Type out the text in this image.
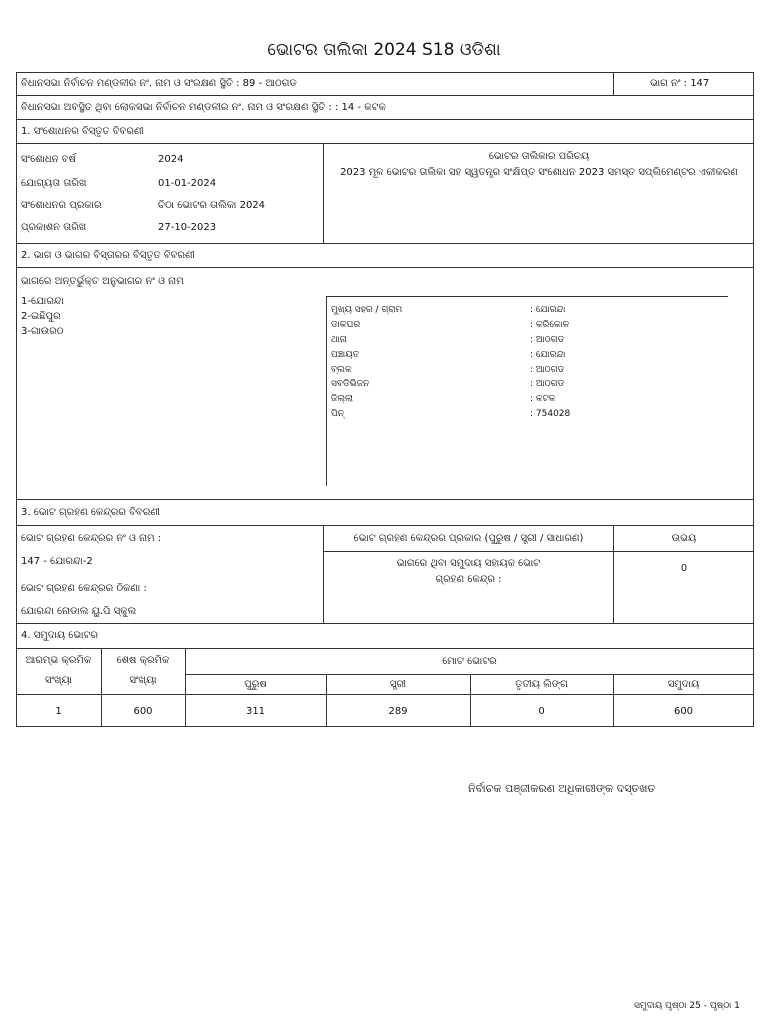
ଭୋଟର ତାଲିକା 2024 S18 ଓଡିଶା
ବିଧାନସଭା ନିର୍ବାଚନ ମଣ୍ଡଳୀର ନଂ. ନାମ ଓ ସଂରକ୍ଷଣ ସ୍ଥିତି : 89 - ଆଠଗଡ	ଭାଗ ନଂ : 147
ବିଧାନସଭା ଅବସ୍ଥିତ ଥିବା ଲୋକସଭା ନିର୍ବାଚନ ମଣ୍ଡଳୀର ନଂ. ନାମ ଓ ସଂରକ୍ଷଣ ସ୍ଥିତି : : 14 - କଟକ
1. ସଂଶୋଧନର ବିସ୍ତୃତ ବିବରଣୀ
ସଂଶୋଧନ ବର୍ଷ	2024
ଯୋଗ୍ୟତା ତାରିଖ	01-01-2024
ସଂଶୋଧନର ପ୍ରକାର	ଚିଠା ଭୋଟର ତାଲିକା 2024
ପ୍ରକାଶନ ତାରିଖ	27-10-2023
ଭୋଟର ତାଲିକାର ପରିଚୟ
2023 ମୂଳ ଭୋଟର ତାଲିକା ସହ ସ୍ୱତନ୍ତ୍ର ସଂକ୍ଷିପ୍ତ ସଂଶୋଧନ 2023 ସମସ୍ତ ସପ୍ଲିମେଣ୍ଟର ଏକୀକରଣ
2. ଭାଗ ଓ ଭାଗର ବିସ୍ତାରର ବିସ୍ତୃତ ବିବରଣୀ
ଭାଗରେ ଅନ୍ତର୍ଭୁକ୍ତ ଅନୁଭାଗର ନଂ ଓ ନାମ
1-ଯୋରନ୍ଦା
2-ଇଛିପୁର
3-ଗାଉରଠ
ମୁଖ୍ୟ ସହର / ଗ୍ରାମ	: ଯୋରନ୍ଦା
ଡାକଘର	: କରିକୋଳ
ଥାନା	: ଆଠଗଡ
ପଞ୍ଚାୟତ	: ଯୋରନ୍ଦା
ବ୍ଲକ	: ଆଠଗଡ
ସବଡିଭିଜନ	: ଆଠଗଡ
ଜିଲ୍ଲା	: କଟକ
ପିନ୍	: 754028
3. ଭୋଟ ଗ୍ରହଣ କେନ୍ଦ୍ରର ବିବରଣୀ
ଭୋଟ ଗ୍ରହଣ କେନ୍ଦ୍ରର ନଂ ଓ ନାମ :
147 - ଯୋରନ୍ଦା-2
ଭୋଟ ଗ୍ରହଣ କେନ୍ଦ୍ରର ଠିକଣା :
ଯୋରନ୍ଦା ନୋଡାଲ ୟୁ.ପି ସ୍କୁଲ
ଭୋଟ ଗ୍ରହଣ କେନ୍ଦ୍ରର ପ୍ରକାର (ପୁରୁଷ / ସ୍ତ୍ରୀ / ସାଧାରଣ)	ଉଭୟ
ଭାଗରେ ଥିବା ସମୁଦାୟ ସହାୟକ ଭୋଟ
ଗ୍ରହଣ କେନ୍ଦ୍ର :
0
4. ସମୁଦାୟ ଭୋଟର
ଆରମ୍ଭ କ୍ରମିକ
ସଂଖ୍ୟା
ଶେଷ କ୍ରମିକ
ସଂଖ୍ୟା
ମୋଟ ଭୋଟର
ପୁରୁଷ	ସ୍ତ୍ରୀ	ତୃତୀୟ ଲିଙ୍ଗ	ସମୁଦାୟ
1	600	311	289	0	600
ନିର୍ବାଚକ ପଞ୍ଜୀକରଣ ଅଧିକାରୀଙ୍କ ଦସ୍ତଖତ
ସମୁଦାୟ ପୃଷ୍ଠା 25 - ପୃଷ୍ଠା 1
